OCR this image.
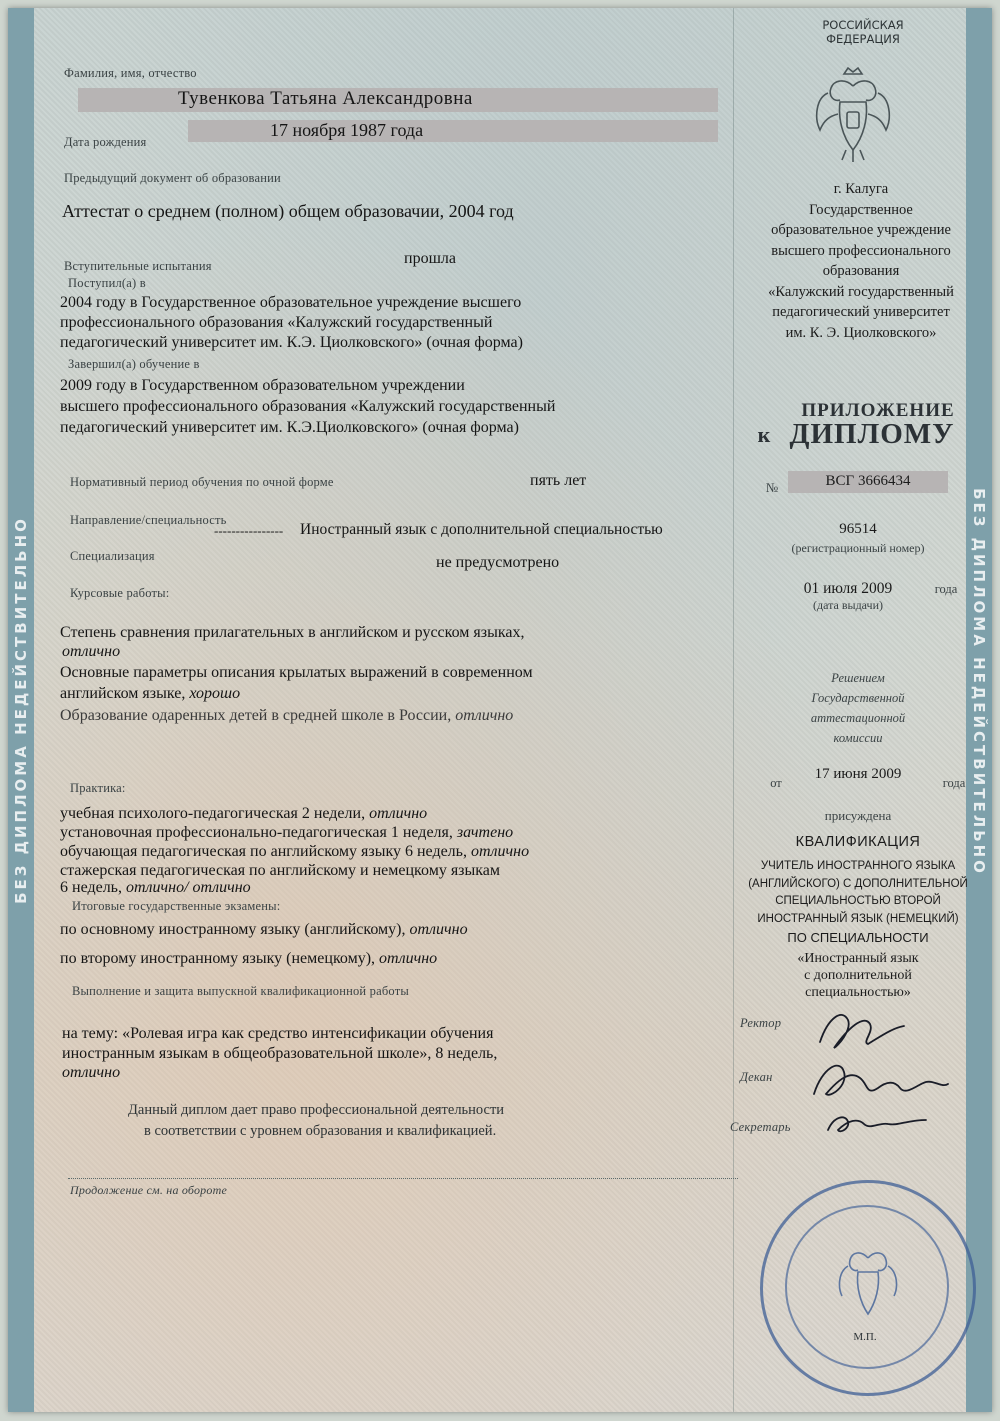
БЕЗ ДИПЛОМА НЕДЕЙСТВИТЕЛЬНО	БЕЗ ДИПЛОМА НЕДЕЙСТВИТЕЛЬНО
Фамилия, имя, отчество
Тувенкова Татьяна Александровна
Дата рождения
17 ноября 1987 года
Предыдущий документ об образовании
Аттестат о среднем (полном) общем образовачии, 2004 год
Вступительные испытания	прошла
Поступил(а) в
2004 году в Государственное образовательное учреждение высшего
профессионального образования «Калужский государственный
педагогический университет им. К.Э. Циолковского» (очная форма)
Завершил(а) обучение в
2009 году в Государственном образовательном учреждении
высшего профессионального образования «Калужский государственный
педагогический университет им. К.Э.Циолковского» (очная форма)
Нормативный период обучения по очной форме	пять лет
Направление/специальность
---------------- Иностранный язык с дополнительной специальностью
Специализация	не предусмотрено
Курсовые работы:
Степень сравнения прилагательных в английском и русском языках,
отлично
Основные параметры описания крылатых выражений в современном
английском языке, хорошо
Образование одаренных детей в средней школе в России, отлично
Практика:
учебная психолого-педагогическая 2 недели, отлично
установочная профессионально-педагогическая 1 неделя, зачтено
обучающая педагогическая по английскому языку 6 недель, отлично
стажерская педагогическая по английскому и немецкому языкам
6 недель, отлично/ отлично
Итоговые государственные экзамены:
по основному иностранному языку (английскому), отлично
по второму иностранному языку (немецкому), отлично
Выполнение и защита выпускной квалификационной работы
на тему: «Ролевая игра как средство интенсификации обучения
иностранным языкам в общеобразовательной школе», 8 недель,
отлично
Данный диплом дает право профессиональной деятельности
в соответствии с уровнем образования и квалификацией.
Продолжение см. на обороте
РОССИЙСКАЯ
ФЕДЕРАЦИЯ
г. Калуга
Государственное
образовательное учреждение
высшего профессионального
образования
«Калужский государственный
педагогический университет
им. К. Э. Циолковского»
ПРИЛОЖЕНИЕ
к ДИПЛОМУ
№	ВСГ 3666434
96514
(регистрационный номер)
01 июля 2009	года
(дата выдачи)
Решением
Государственной
аттестационной
комиссии
от
17 июня 2009
года
присуждена
КВАЛИФИКАЦИЯ
УЧИТЕЛЬ ИНОСТРАННОГО ЯЗЫКА
(АНГЛИЙСКОГО) С ДОПОЛНИТЕЛЬНОЙ
СПЕЦИАЛЬНОСТЬЮ ВТОРОЙ
ИНОСТРАННЫЙ ЯЗЫК (НЕМЕЦКИЙ)
ПО СПЕЦИАЛЬНОСТИ
«Иностранный язык
с дополнительной
специальностью»
Ректор
Декан
Секретарь
М.П.
